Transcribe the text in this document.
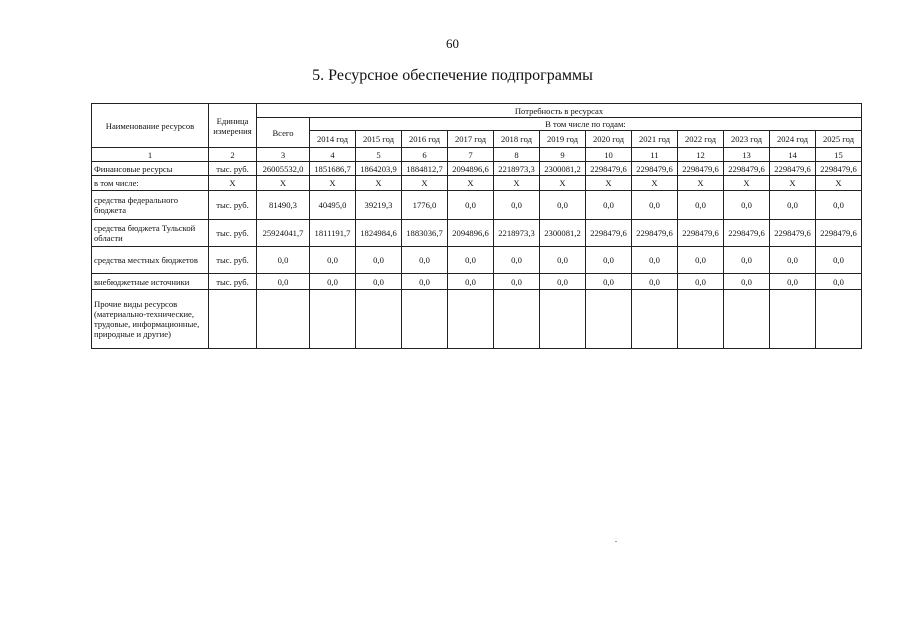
60
5. Ресурсное обеспечение подпрограммы
Наименование ресурсов	Единица измерения	Потребность в ресурсах												
		Всего	В том числе по годам:											
			2014 год	2015 год	2016 год	2017 год	2018 год	2019 год	2020 год	2021 год	2022 год	2023 год	2024 год	2025 год
1	2	3	4	5	6	7	8	9	10	11	12	13	14	15
Финансовые ресурсы	тыс. руб.	26005532,0	1851686,7	1864203,9	1884812,7	2094896,6	2218973,3	2300081,2	2298479,6	2298479,6	2298479,6	2298479,6	2298479,6	2298479,6
в том числе:	X	X	X	X	X	X	X	X	X	X	X	X	X	X
средства федерального бюджета	тыс. руб.	81490,3	40495,0	39219,3	1776,0	0,0	0,0	0,0	0,0	0,0	0,0	0,0	0,0	0,0
средства бюджета Тульской области	тыс. руб.	25924041,7	1811191,7	1824984,6	1883036,7	2094896,6	2218973,3	2300081,2	2298479,6	2298479,6	2298479,6	2298479,6	2298479,6	2298479,6
средства местных бюджетов	тыс. руб.	0,0	0,0	0,0	0,0	0,0	0,0	0,0	0,0	0,0	0,0	0,0	0,0	0,0
внебюджетные источники	тыс. руб.	0,0	0,0	0,0	0,0	0,0	0,0	0,0	0,0	0,0	0,0	0,0	0,0	0,0
Прочие виды ресурсов (материально-технические, трудовые, информационные, природные и другие)														
